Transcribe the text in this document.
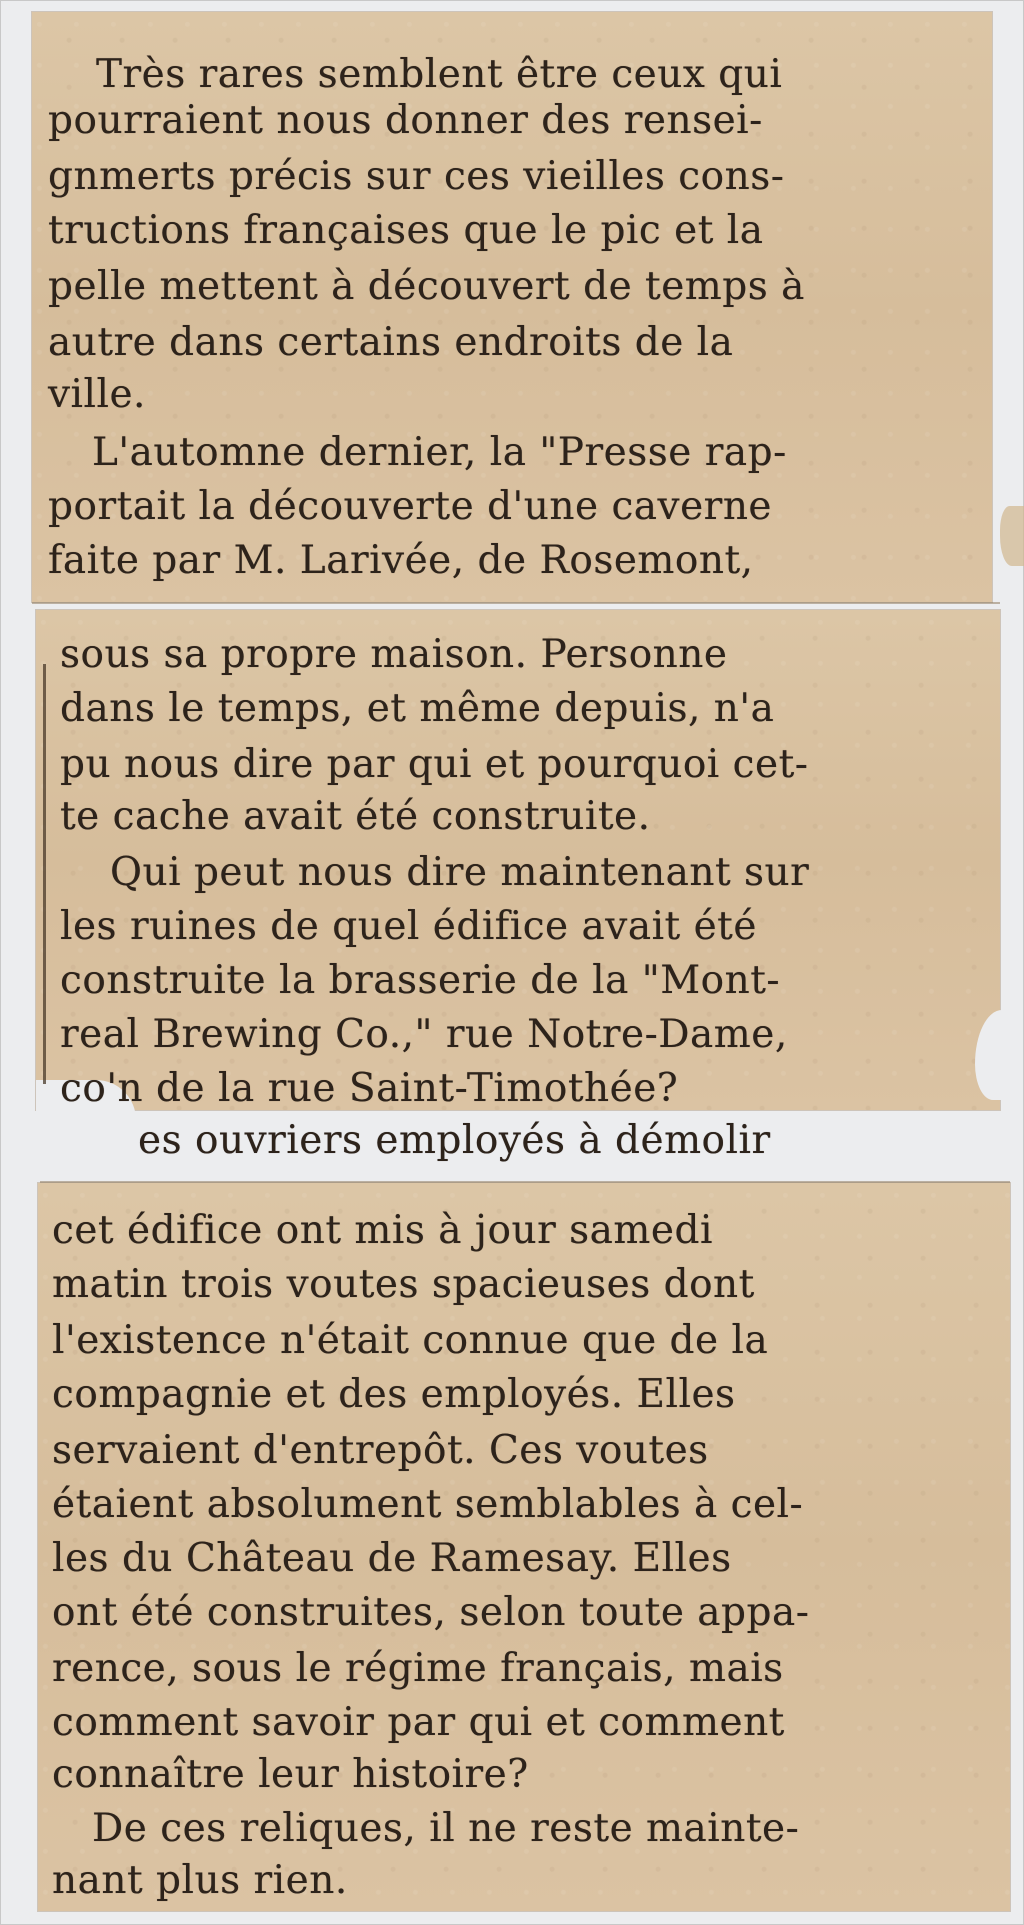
Très rares semblent être ceux qui
pourraient nous donner des rensei-
gnmerts précis sur ces vieilles cons-
tructions françaises que le pic et la
pelle mettent à découvert de temps à
autre dans certains endroits de la
ville.
L'automne dernier, la "Presse rap-
portait la découverte d'une caverne
faite par M. Larivée, de Rosemont,
sous sa propre maison. Personne
dans le temps, et même depuis, n'a
pu nous dire par qui et pourquoi cet-
te cache avait été construite.
Qui peut nous dire maintenant sur
les ruines de quel édifice avait été
construite la brasserie de la "Mont-
real Brewing Co.," rue Notre-Dame,
co'n de la rue Saint-Timothée?
es ouvriers employés à démolir
cet édifice ont mis à jour samedi
matin trois voutes spacieuses dont
l'existence n'était connue que de la
compagnie et des employés. Elles
servaient d'entrepôt. Ces voutes
étaient absolument semblables à cel-
les du Château de Ramesay. Elles
ont été construites, selon toute appa-
rence, sous le régime français, mais
comment savoir par qui et comment
connaître leur histoire?
De ces reliques, il ne reste mainte-
nant plus rien.
